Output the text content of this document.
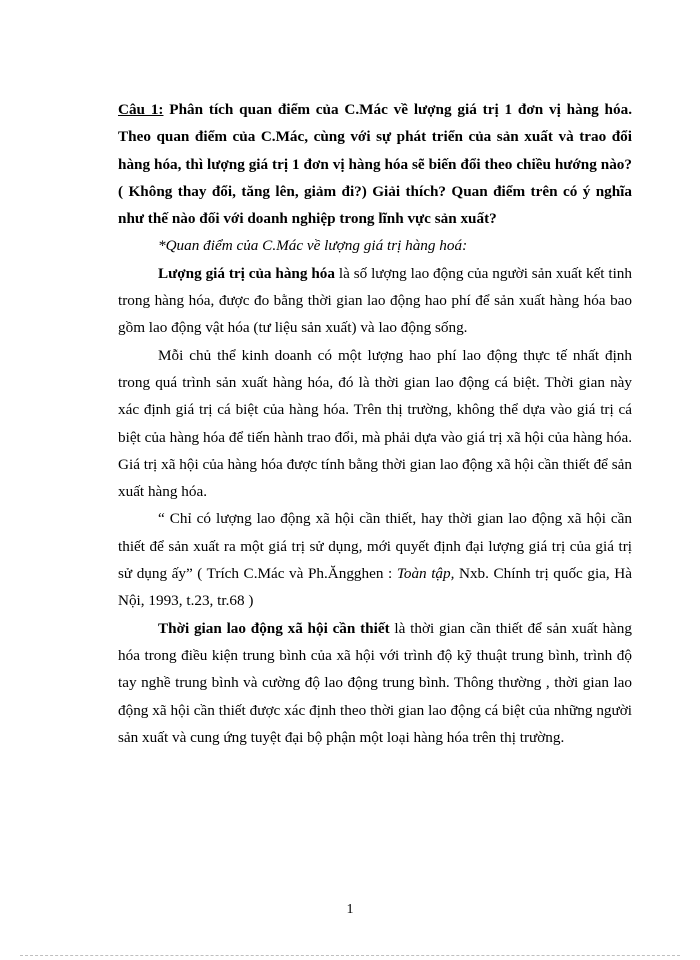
Câu 1: Phân tích quan điểm của C.Mác về lượng giá trị 1 đơn vị hàng hóa. Theo quan điểm của C.Mác, cùng với sự phát triển của sản xuất và trao đổi hàng hóa, thì lượng giá trị 1 đơn vị hàng hóa sẽ biến đổi theo chiều hướng nào? ( Không thay đổi, tăng lên, giảm đi?) Giải thích? Quan điểm trên có ý nghĩa như thế nào đối với doanh nghiệp trong lĩnh vực sản xuất?

*Quan điểm của C.Mác về lượng giá trị hàng hoá:

Lượng giá trị của hàng hóa là số lượng lao động của người sản xuất kết tinh trong hàng hóa, được đo bằng thời gian lao động hao phí để sản xuất hàng hóa bao gồm lao động vật hóa (tư liệu sản xuất) và lao động sống.

Mỗi chủ thể kinh doanh có một lượng hao phí lao động thực tế nhất định trong quá trình sản xuất hàng hóa, đó là thời gian lao động cá biệt. Thời gian này xác định giá trị cá biệt của hàng hóa. Trên thị trường, không thể dựa vào giá trị cá biệt của hàng hóa để tiến hành trao đổi, mà phải dựa vào giá trị xã hội của hàng hóa. Giá trị xã hội của hàng hóa được tính bằng thời gian lao động xã hội cần thiết để sản xuất hàng hóa.

“ Chỉ có lượng lao động xã hội cần thiết, hay thời gian lao động xã hội cần thiết để sản xuất ra một giá trị sử dụng, mới quyết định đại lượng giá trị của giá trị sử dụng ấy” ( Trích C.Mác và Ph.Ăngghen : Toàn tập, Nxb. Chính trị quốc gia, Hà Nội, 1993, t.23, tr.68 )

Thời gian lao động xã hội cần thiết là thời gian cần thiết để sản xuất hàng hóa trong điều kiện trung bình của xã hội với trình độ kỹ thuật trung bình, trình độ tay nghề trung bình và cường độ lao động trung bình. Thông thường , thời gian lao động xã hội cần thiết được xác định theo thời gian lao động cá biệt của những người sản xuất và cung ứng tuyệt đại bộ phận một loại hàng hóa trên thị trường.

1
